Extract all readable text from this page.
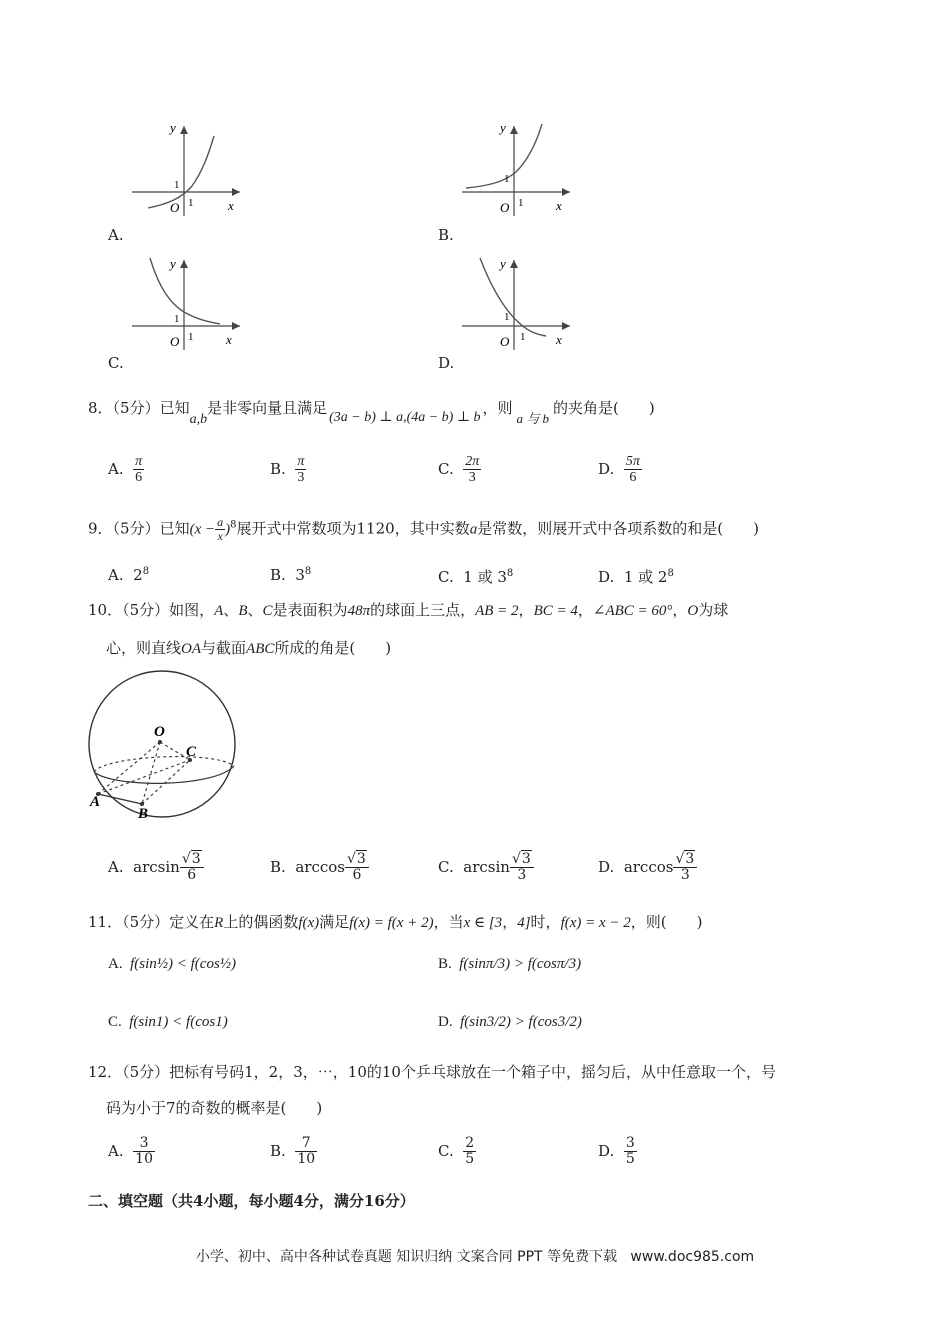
y
x
O 1
1
A.
y
x
O 1
1
B.
y
x
O 1
1
C.
y
x
O 1
1
D.
8．（5分）已知a,b是非零向量且满足(3a − b) ⊥ a,(4a − b) ⊥ b，则a 与 b的夹角是(　　)
A. $\frac{\pi}{6}$	B. $\frac{\pi}{3}$	C. $\frac{2\pi}{3}$	D. $\frac{5\pi}{6}$
9．（5分）已知$(x - \frac{a}{x} )^8$展开式中常数项为1120，其中实数a是常数，则展开式中各项系数的和是(　　)
A. $2^8$	B. $3^8$	C. 1 或 $3^8$	D. 1 或 $2^8$
10．（5分）如图，A、B、C是表面积为48π的球面上三点，AB = 2，BC = 4，∠ABC = 60°，O为球
心，则直线OA与截面ABC所成的角是(　　)
O
C
A
B
A. $\arcsin \frac{√3}{6}$	B. $\arccos \frac{√3}{6}$	C. $\arcsin \frac{√3}{3}$	D. $\arccos \frac{√3}{3}$
11．（5分）定义在R上的偶函数f(x)满足f(x) = f(x + 2)，当x ∈ [3，4]时，f(x) = x − 2，则(　　)
A. f(sin½) < f(cos½)	B. f(sinπ/3) > f(cosπ/3)
C. f(sin1) < f(cos1)	D. f(sin3/2) > f(cos3/2)
12．（5分）把标有号码1，2，3，⋯，10的10个乒乓球放在一个箱子中，摇匀后，从中任意取一个，号
码为小于7的奇数的概率是(　　)
A. $\frac{3}{10}$	B. $\frac{7}{10}$	C. $\frac{2}{5}$	D. $\frac{3}{5}$
二、填空题（共4小题，每小题4分，满分16分）
小学、初中、高中各种试卷真题 知识归纳 文案合同 PPT 等免费下载   www.doc985.com
